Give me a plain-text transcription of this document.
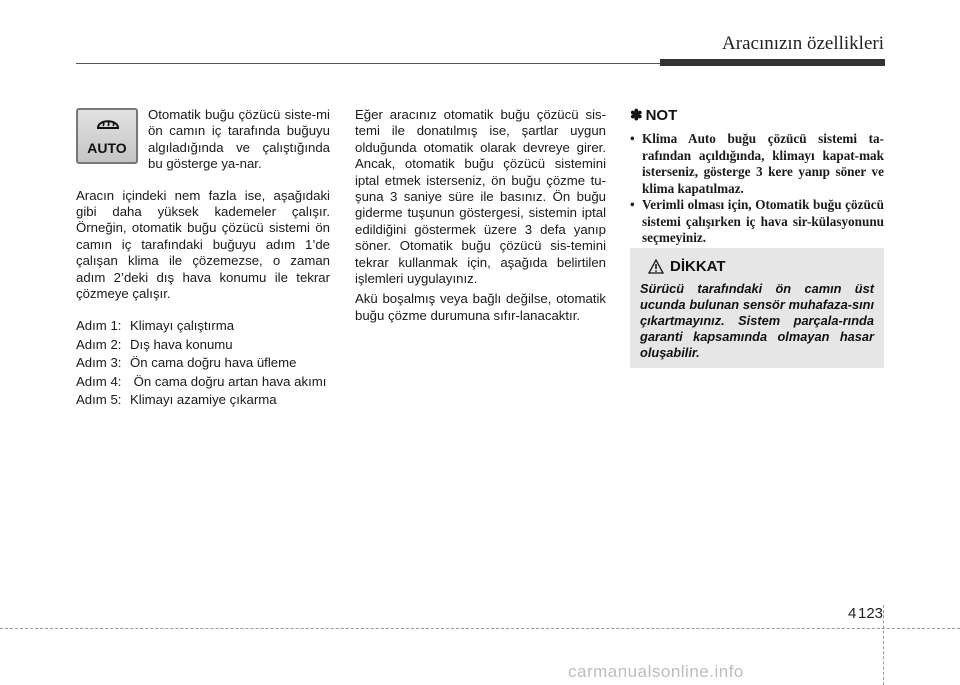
Aracınızın özellikleri
AUTO

Otomatik buğu çözücü siste-mi ön camın iç tarafında buğuyu algıladığında ve çalıştığında bu gösterge ya-nar.

Aracın içindeki nem fazla ise, aşağıdaki gibi daha yüksek kademeler çalışır. Örneğin, otomatik buğu çözücü sistemi ön camın iç tarafındaki buğuyu adım 1’de çalışan klima ile çözemezse, o zaman adım 2’deki dış hava konumu ile tekrar çözmeye çalışır.

Adım 1: Klimayı çalıştırma
Adım 2: Dış hava konumu
Adım 3: Ön cama doğru hava üfleme
Adım 4: Ön cama doğru artan hava akımı
Adım 5: Klimayı azamiye çıkarma

Eğer aracınız otomatik buğu çözücü sis-temi ile donatılmış ise, şartlar uygun olduğunda otomatik olarak devreye girer. Ancak, otomatik buğu çözücü sistemini iptal etmek isterseniz, ön buğu çözme tu-şuna 3 saniye süre ile basınız. Ön buğu giderme tuşunun göstergesi, sistemin iptal edildiğini göstermek üzere 3 defa yanıp söner. Otomatik buğu çözücü sis-temini tekrar kullanmak için, aşağıda belirtilen işlemleri uygulayınız.

Akü boşalmış veya bağlı değilse, otomatik buğu çözme durumuna sıfır-lanacaktır.

✽ NOT
• Klima Auto buğu çözücü sistemi ta-rafından açıldığında, klimayı kapat-mak isterseniz, gösterge 3 kere yanıp söner ve klima kapatılmaz.
• Verimli olması için, Otomatik buğu çözücü sistemi çalışırken iç hava sir-külasyonunu seçmeyiniz.
DİKKAT
Sürücü tarafındaki ön camın üst ucunda bulunan sensör muhafaza-sını çıkartmayınız. Sistem parçala-rında garanti kapsamında olmayan hasar oluşabilir.
4 123
carmanualsonline.info
